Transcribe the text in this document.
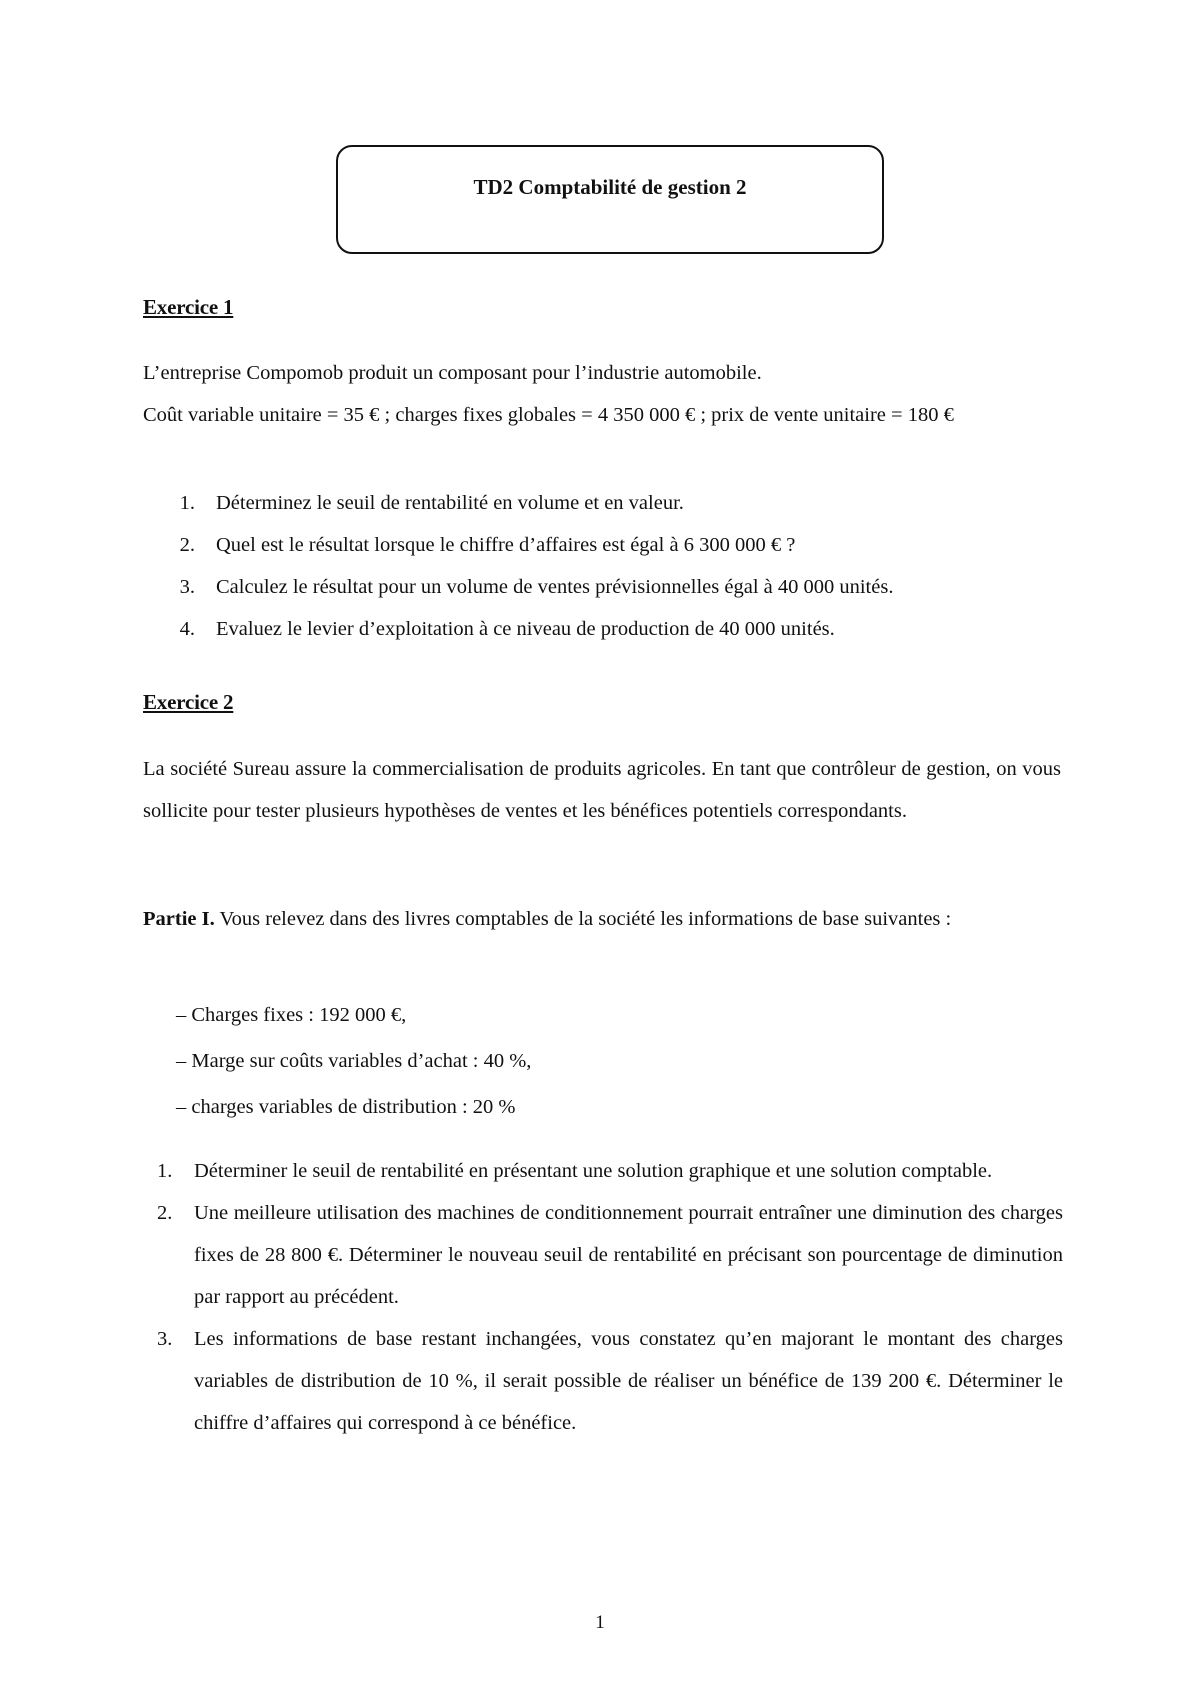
TD2 Comptabilité de gestion 2
Exercice 1
L’entreprise Compomob produit un composant pour l’industrie automobile.

Coût variable unitaire = 35 € ; charges fixes globales = 4 350 000 € ; prix de vente unitaire = 180 €

1. Déterminez le seuil de rentabilité en volume et en valeur.
2. Quel est le résultat lorsque le chiffre d’affaires est égal à 6 300 000 € ?
3. Calculez le résultat pour un volume de ventes prévisionnelles égal à 40 000 unités.
4. Evaluez le levier d’exploitation à ce niveau de production de 40 000 unités.
Exercice 2

La société Sureau assure la commercialisation de produits agricoles. En tant que contrôleur de gestion, on vous sollicite pour tester plusieurs hypothèses de ventes et les bénéfices potentiels correspondants.

Partie I. Vous relevez dans des livres comptables de la société les informations de base suivantes :

– Charges fixes : 192 000 €,
– Marge sur coûts variables d’achat : 40 %,
– charges variables de distribution : 20 %
1.	Déterminer le seuil de rentabilité en présentant une solution graphique et une solution comptable.
2.	Une meilleure utilisation des machines de conditionnement pourrait entraîner une diminution des charges fixes de 28 800 €. Déterminer le nouveau seuil de rentabilité en précisant son pourcentage de diminution par rapport au précédent.
3.	Les informations de base restant inchangées, vous constatez qu’en majorant le montant des charges variables de distribution de 10 %, il serait possible de réaliser un bénéfice de 139 200 €. Déterminer le chiffre d’affaires qui correspond à ce bénéfice.
1
